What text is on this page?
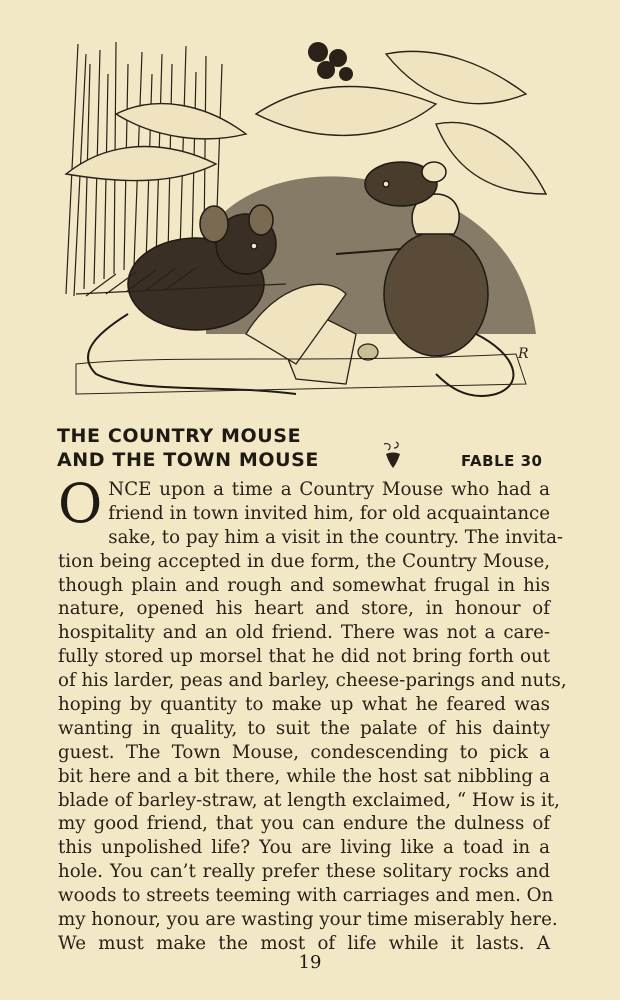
R
THE COUNTRY MOUSE
AND THE TOWN MOUSE	FABLE 30
O NCE upon a time a Country Mouse who had a
friend in town invited him, for old acquaintance
sake, to pay him a visit in the country. The invita-
tion being accepted in due form, the Country Mouse,
though plain and rough and somewhat frugal in his
nature, opened his heart and store, in honour of
hospitality and an old friend. There was not a care-
fully stored up morsel that he did not bring forth out
of his larder, peas and barley, cheese-parings and nuts,
hoping by quantity to make up what he feared was
wanting in quality, to suit the palate of his dainty
guest. The Town Mouse, condescending to pick a
bit here and a bit there, while the host sat nibbling a
blade of barley-straw, at length exclaimed, “ How is it,
my good friend, that you can endure the dulness of
this unpolished life? You are living like a toad in a
hole. You can’t really prefer these solitary rocks and
woods to streets teeming with carriages and men. On
my honour, you are wasting your time miserably here.
We must make the most of life while it lasts. A
19
